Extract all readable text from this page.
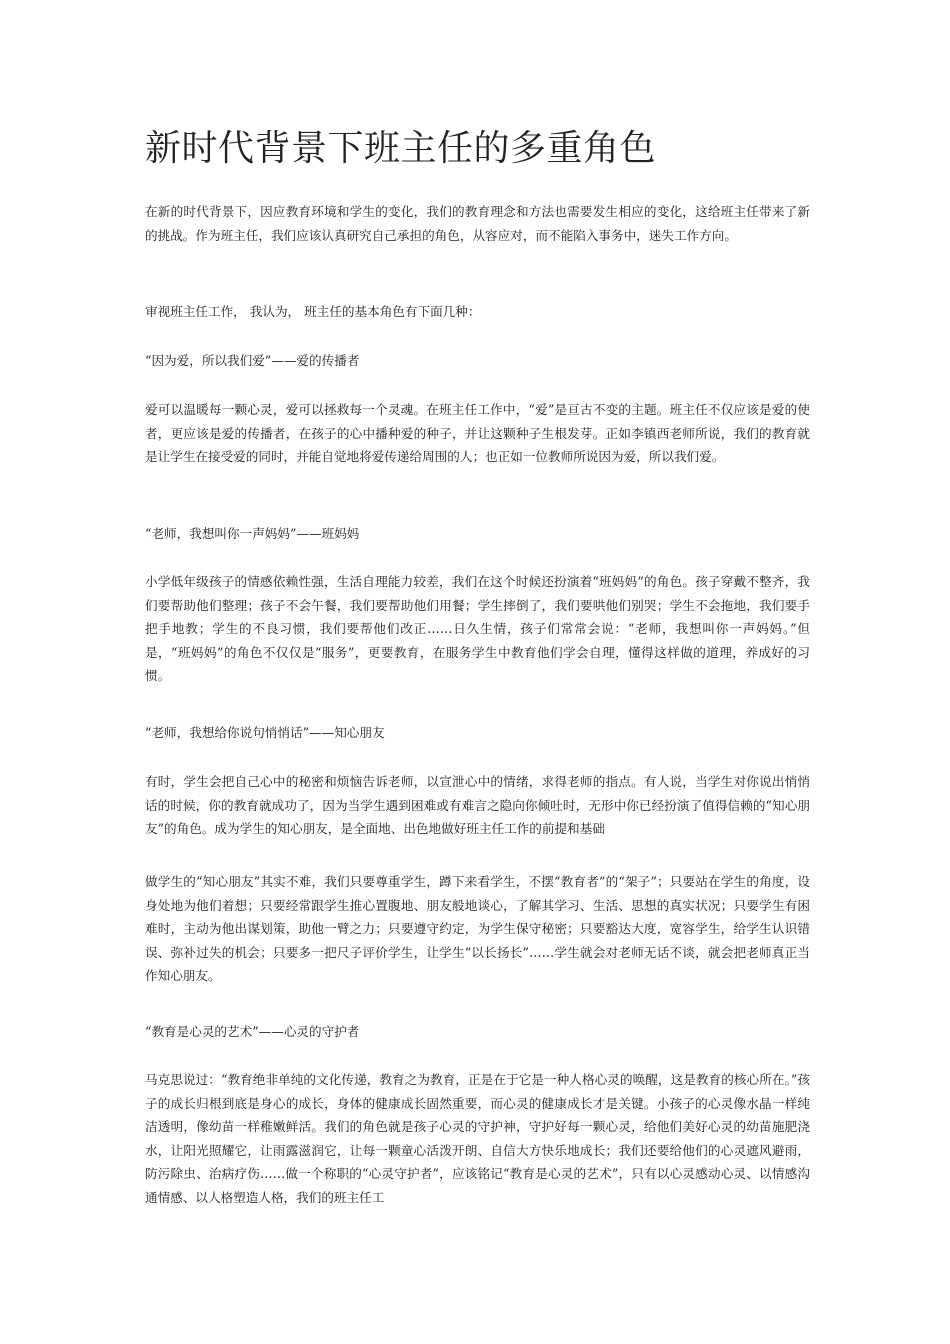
新时代背景下班主任的多重角色

在新的时代背景下，因应教育环境和学生的变化，我们的教育理念和方法也需要发生相应的变化，这给班主任带来了新的挑战。作为班主任，我们应该认真研究自己承担的角色，从容应对，而不能陷入事务中，迷失工作方向。

审视班主任工作， 我认为， 班主任的基本角色有下面几种：

“因为爱，所以我们爱”——爱的传播者

爱可以温暖每一颗心灵，爱可以拯救每一个灵魂。在班主任工作中，“爱”是亘古不变的主题。班主任不仅应该是爱的使者，更应该是爱的传播者，在孩子的心中播种爱的种子，并让这颗种子生根发芽。正如李镇西老师所说，我们的教育就是让学生在接受爱的同时，并能自觉地将爱传递给周围的人；也正如一位教师所说因为爱，所以我们爱。

“老师，我想叫你一声妈妈”——班妈妈

小学低年级孩子的情感依赖性强，生活自理能力较差，我们在这个时候还扮演着“班妈妈”的角色。孩子穿戴不整齐，我们要帮助他们整理；孩子不会午餐，我们要帮助他们用餐；学生摔倒了，我们要哄他们别哭；学生不会拖地，我们要手把手地教；学生的不良习惯，我们要帮他们改正……日久生情，孩子们常常会说：“老师，我想叫你一声妈妈。”但是，“班妈妈”的角色不仅仅是“服务”，更要教育，在服务学生中教育他们学会自理，懂得这样做的道理，养成好的习惯。

“老师，我想给你说句悄悄话”——知心朋友

有时，学生会把自己心中的秘密和烦恼告诉老师，以宣泄心中的情绪，求得老师的指点。有人说，当学生对你说出悄悄话的时候，你的教育就成功了，因为当学生遇到困难或有难言之隐向你倾吐时，无形中你已经扮演了值得信赖的“知心朋友”的角色。成为学生的知心朋友，是全面地、出色地做好班主任工作的前提和基础

做学生的“知心朋友”其实不难，我们只要尊重学生，蹲下来看学生，不摆“教育者”的“架子”；只要站在学生的角度，设身处地为他们着想；只要经常跟学生推心置腹地、朋友般地谈心，了解其学习、生活、思想的真实状况；只要学生有困难时，主动为他出谋划策，助他一臂之力；只要遵守约定，为学生保守秘密；只要豁达大度，宽容学生，给学生认识错误、弥补过失的机会；只要多一把尺子评价学生，让学生“以长扬长”……学生就会对老师无话不谈，就会把老师真正当作知心朋友。

“教育是心灵的艺术”——心灵的守护者

马克思说过：“教育绝非单纯的文化传递，教育之为教育，正是在于它是一种人格心灵的唤醒，这是教育的核心所在。”孩子的成长归根到底是身心的成长，身体的健康成长固然重要，而心灵的健康成长才是关键。小孩子的心灵像水晶一样纯洁透明，像幼苗一样稚嫩鲜活。我们的角色就是孩子心灵的守护神，守护好每一颗心灵，给他们美好心灵的幼苗施肥浇水，让阳光照耀它，让雨露滋润它，让每一颗童心活泼开朗、自信大方快乐地成长；我们还要给他们的心灵遮风避雨，防污除虫、治病疗伤……做一个称职的“心灵守护者”，应该铭记“教育是心灵的艺术”，只有以心灵感动心灵、以情感沟通情感、以人格塑造人格，我们的班主任工
